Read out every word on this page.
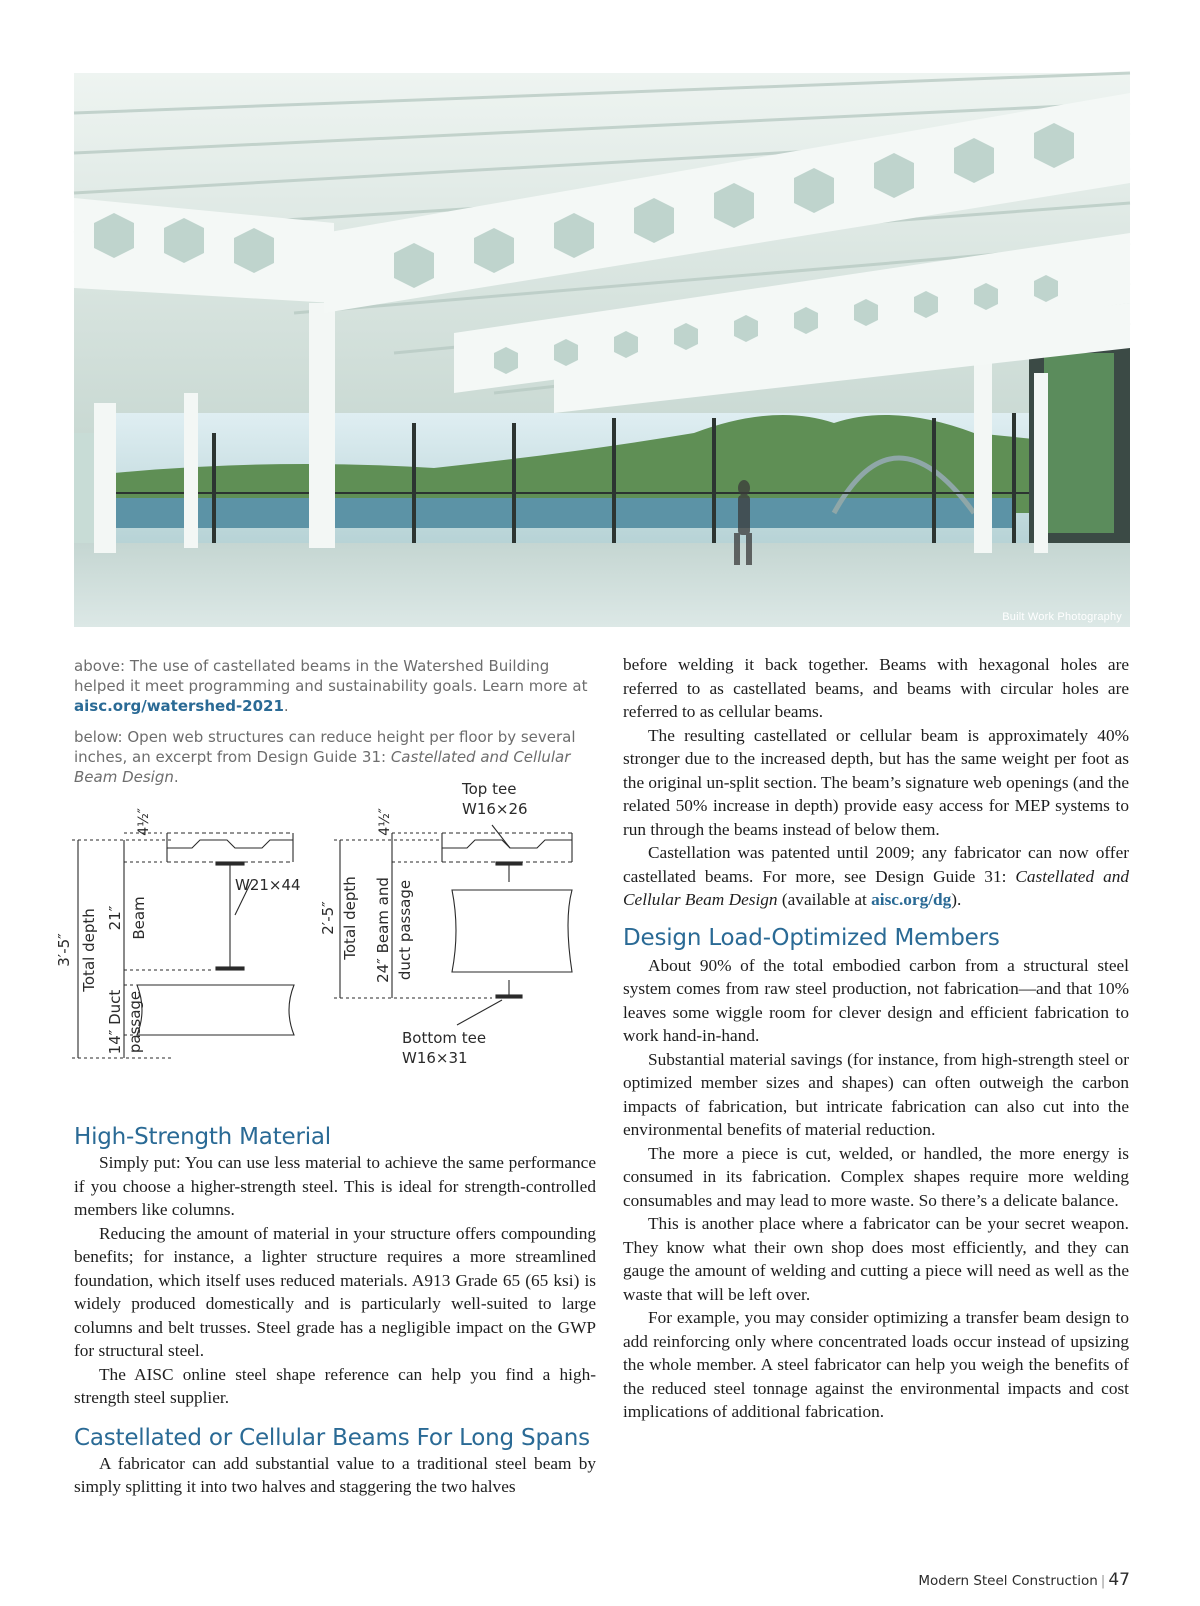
Built Work Photography
above: The use of castellated beams in the Watershed Building helped it meet programming and sustainability goals. Learn more at aisc.org/watershed-2021.
below: Open web structures can reduce height per floor by several inches, an excerpt from Design Guide 31: Castellated and Cellular Beam Design.
4½″
3′-5″ Total depth 21″ Beam
14″ Duct passage
W21×44
4½″
2′-5″ Total depth 24″ Beam and duct passage
Top tee
W16×26
Bottom tee
W16×31
High-Strength Material

Simply put: You can use less material to achieve the same performance if you choose a higher-strength steel. This is ideal for strength-controlled members like columns.

Reducing the amount of material in your structure offers compounding benefits; for instance, a lighter structure requires a more streamlined foundation, which itself uses reduced materials. A913 Grade 65 (65 ksi) is widely produced domestically and is particularly well-suited to large columns and belt trusses. Steel grade has a negligible impact on the GWP for structural steel.

The AISC online steel shape reference can help you find a high-strength steel supplier.

Castellated or Cellular Beams For Long Spans

A fabricator can add substantial value to a traditional steel beam by simply splitting it into two halves and staggering the two halves

before welding it back together. Beams with hexagonal holes are referred to as castellated beams, and beams with circular holes are referred to as cellular beams.

The resulting castellated or cellular beam is approximately 40% stronger due to the increased depth, but has the same weight per foot as the original un-split section. The beam’s signature web openings (and the related 50% increase in depth) provide easy access for MEP systems to run through the beams instead of below them.

Castellation was patented until 2009; any fabricator can now offer castellated beams. For more, see Design Guide 31: Castellated and Cellular Beam Design (available at aisc.org/dg).

Design Load-Optimized Members

About 90% of the total embodied carbon from a structural steel system comes from raw steel production, not fabrication—and that 10% leaves some wiggle room for clever design and efficient fabrication to work hand-in-hand.

Substantial material savings (for instance, from high-strength steel or optimized member sizes and shapes) can often outweigh the carbon impacts of fabrication, but intricate fabrication can also cut into the environmental benefits of material reduction.

The more a piece is cut, welded, or handled, the more energy is consumed in its fabrication. Complex shapes require more welding consumables and may lead to more waste. So there’s a delicate balance.

This is another place where a fabricator can be your secret weapon. They know what their own shop does most efficiently, and they can gauge the amount of welding and cutting a piece will need as well as the waste that will be left over.

For example, you may consider optimizing a transfer beam design to add reinforcing only where concentrated loads occur instead of upsizing the whole member. A steel fabricator can help you weigh the benefits of the reduced steel tonnage against the environmental impacts and cost implications of additional fabrication.

Modern Steel Construction | 47
